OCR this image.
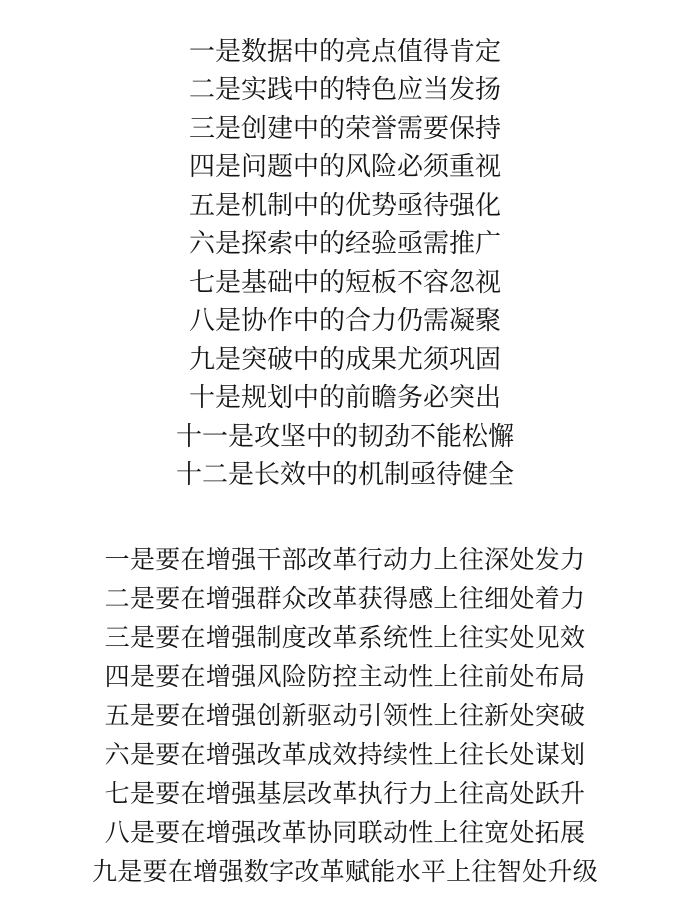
一是数据中的亮点值得肯定
二是实践中的特色应当发扬
三是创建中的荣誉需要保持
四是问题中的风险必须重视
五是机制中的优势亟待强化
六是探索中的经验亟需推广
七是基础中的短板不容忽视
八是协作中的合力仍需凝聚
九是突破中的成果尤须巩固
十是规划中的前瞻务必突出
十一是攻坚中的韧劲不能松懈
十二是长效中的机制亟待健全
一是要在增强干部改革行动力上往深处发力
二是要在增强群众改革获得感上往细处着力
三是要在增强制度改革系统性上往实处见效
四是要在增强风险防控主动性上往前处布局
五是要在增强创新驱动引领性上往新处突破
六是要在增强改革成效持续性上往长处谋划
七是要在增强基层改革执行力上往高处跃升
八是要在增强改革协同联动性上往宽处拓展
九是要在增强数字改革赋能水平上往智处升级
